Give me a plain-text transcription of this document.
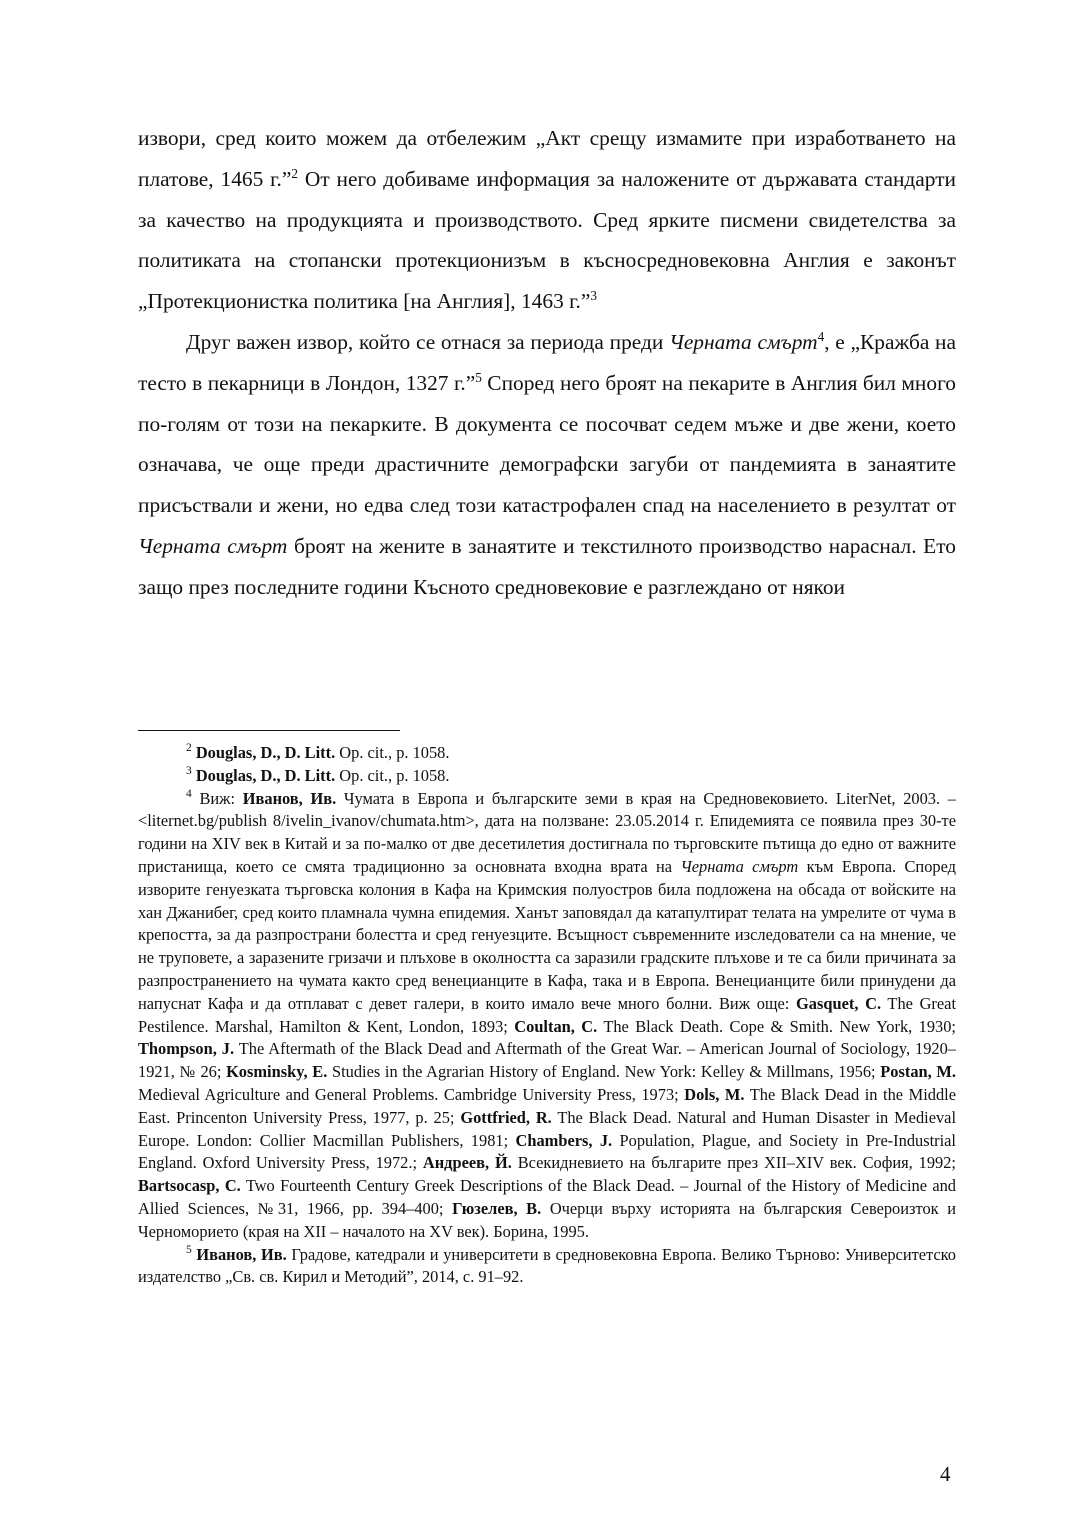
извори, сред които можем да отбележим „Акт срещу измамите при изработването на платове, 1465 г.”$^2$ От него добиваме информация за наложените от държавата стандарти за качество на продукцията и производството. Сред ярките писмени свидетелства за политиката на стопански протекционизъм в късносредновековна Англия е законът „Протекционистка политика [на Англия], 1463 г.”$^3$

Друг важен извор, който се отнася за периода преди Черната смърт$^4$, е „Кражба на тесто в пекарници в Лондон, 1327 г.”$^5$ Според него броят на пекарите в Англия бил много по-голям от този на пекарките. В документа се посочват седем мъже и две жени, което означава, че още преди драстичните демографски загуби от пандемията в занаятите присъствали и жени, но едва след този катастрофален спад на населението в резултат от Черната смърт броят на жените в занаятите и текстилното производство нараснал. Ето защо през последните години Късното средновековие е разглеждано от някои

$^2$ Douglas, D., D. Litt. Op. cit., p. 1058.

$^3$ Douglas, D., D. Litt. Op. cit., p. 1058.

$^4$ Виж: Иванов, Ив. Чумата в Европа и българските земи в края на Средновековието. LiterNet, 2003. – <liternet.bg/publish 8/ivelin_ivanov/chumata.htm>, дата на ползване: 23.05.2014 г. Епидемията се появила през 30-те години на XIV век в Китай и за по-малко от две десетилетия достигнала по търговските пътища до едно от важните пристанища, което се смята традиционно за основната входна врата на Черната смърт към Европа. Според изворите генуезката търговска колония в Кафа на Кримския полуостров била подложена на обсада от войските на хан Джанибег, сред които пламнала чумна епидемия. Ханът заповядал да катапултират телата на умрелите от чума в крепостта, за да разпространи болестта и сред генуезците. Всъщност съвременните изследователи са на мнение, че не труповете, а заразените гризачи и плъхове в околността са заразили градските плъхове и те са били причината за разпространението на чумата както сред венецианците в Кафа, така и в Европа. Венецианците били принудени да напуснат Кафа и да отплават с девет галери, в които имало вече много болни. Виж още: Gasquet, C. The Great Pestilence. Marshal, Hamilton & Kent, London, 1893; Coultan, C. The Black Death. Cope & Smith. New York, 1930; Thompson, J. The Aftermath of the Black Dead and Aftermath of the Great War. – American Journal of Sociology, 1920–1921, № 26; Kosminsky, E. Studies in the Agrarian History of England. New York: Kelley & Millmans, 1956; Postan, M. Medieval Agriculture and General Problems. Cambridge University Press, 1973; Dols, M. The Black Dead in the Middle East. Princenton University Press, 1977, p. 25; Gottfried, R. The Black Dead. Natural and Human Disaster in Medieval Europe. London: Collier Macmillan Publishers, 1981; Chambers, J. Population, Plague, and Society in Pre-Industrial England. Oxford University Press, 1972.; Андреев, Й. Всекидневието на българите през XII–XIV век. София, 1992; Bartsocasp, C. Two Fourteenth Century Greek Descriptions of the Black Dead. – Journal of the History of Medicine and Allied Sciences, №31, 1966, pp. 394–400; Гюзелев, В. Очерци върху историята на българския Североизток и Черноморието (края на XII – началото на XV век). Борина, 1995.

$^5$ Иванов, Ив. Градове, катедрали и университети в средновековна Европа. Велико Търново: Университетско издателство „Св. св. Кирил и Методий”, 2014, с. 91–92.

4
